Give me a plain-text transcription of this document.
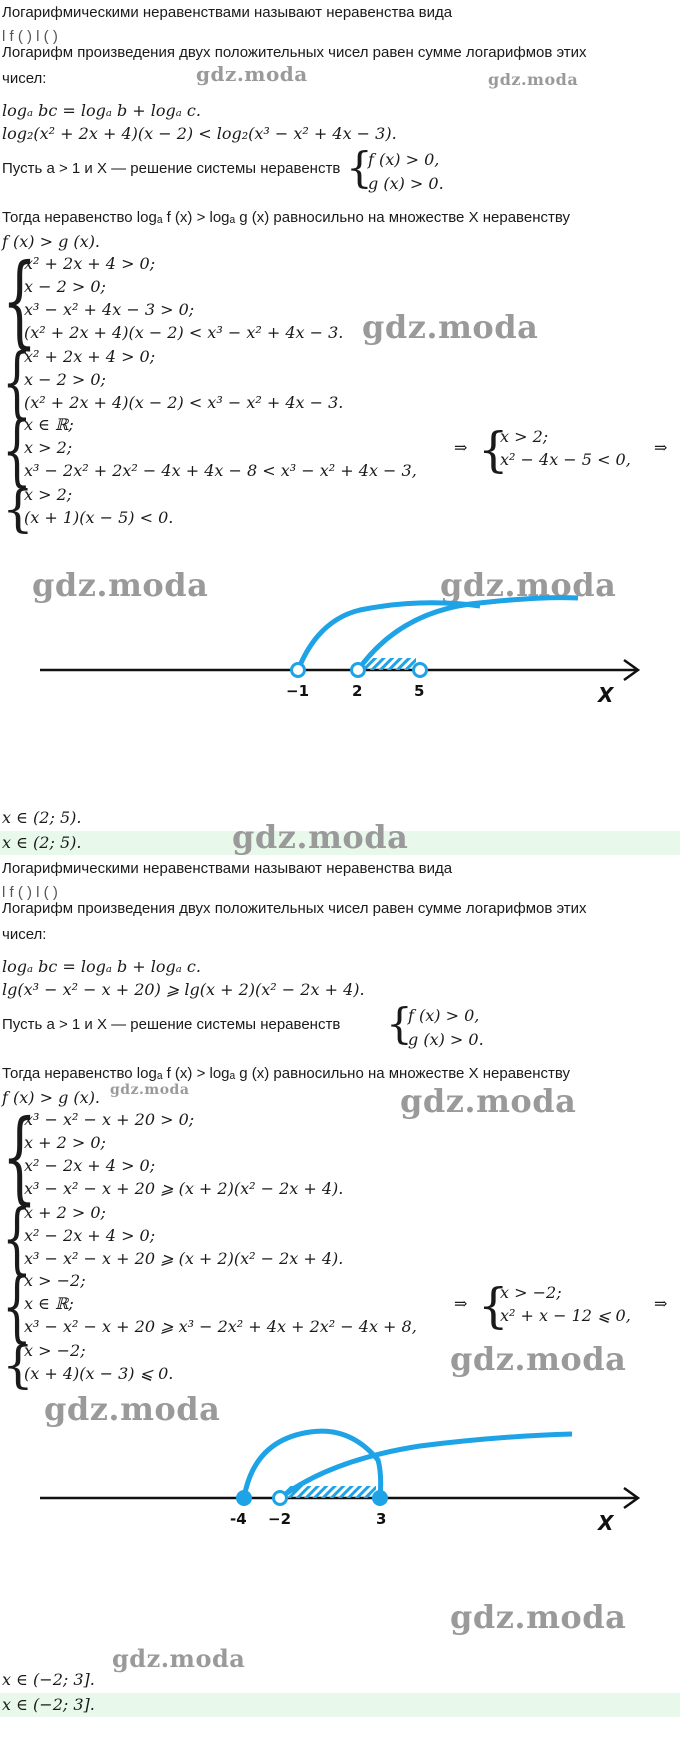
Логарифмическими неравенствами называют неравенства вида
l f ( ) l ( )
Логарифм произведения двух положительных чисел равен сумме логарифмов этих
чисел:	gdz.moda	gdz.moda
logₐ bc = logₐ b + logₐ c.
log₂(x² + 2x + 4)(x − 2) < log₂(x³ − x² + 4x − 3).
Пусть a > 1 и X — решение системы неравенств {
f (x) > 0,
g (x) > 0.
Тогда неравенство logₐ f (x) > logₐ g (x) равносильно на множестве X неравенству
f (x) > g (x).
{
x² + 2x + 4 > 0;
x − 2 > 0;
x³ − x² + 4x − 3 > 0;
(x² + 2x + 4)(x − 2) < x³ − x² + 4x − 3. gdz.moda
{
x² + 2x + 4 > 0;
x − 2 > 0;
(x² + 2x + 4)(x − 2) < x³ − x² + 4x − 3.
{
x ∈ ℝ;
x > 2;
x³ − 2x² + 2x² − 4x + 4x − 8 < x³ − x² + 4x − 3,
⇒ {
x > 2;
x² − 4x − 5 < 0,
⇒
{
x > 2;
(x + 1)(x − 5) < 0.
gdz.moda	gdz.moda
−1	2	5	X
x ∈ (2; 5).
x ∈ (2; 5).	gdz.moda
Логарифмическими неравенствами называют неравенства вида
l f ( ) l ( )
Логарифм произведения двух положительных чисел равен сумме логарифмов этих
чисел:
logₐ bc = logₐ b + logₐ c.
lg(x³ − x² − x + 20) ⩾ lg(x + 2)(x² − 2x + 4).
Пусть a > 1 и X — решение системы неравенств {
f (x) > 0,
g (x) > 0.
Тогда неравенство logₐ f (x) > logₐ g (x) равносильно на множестве X неравенству
f (x) > g (x). gdz.moda	gdz.moda
{
x³ − x² − x + 20 > 0;
x + 2 > 0;
x² − 2x + 4 > 0;
x³ − x² − x + 20 ⩾ (x + 2)(x² − 2x + 4).
{
x + 2 > 0;
x² − 2x + 4 > 0;
x³ − x² − x + 20 ⩾ (x + 2)(x² − 2x + 4).
{
x > −2;
x ∈ ℝ;
x³ − x² − x + 20 ⩾ x³ − 2x² + 4x + 2x² − 4x + 8,
⇒ {
x > −2;
x² + x − 12 ⩽ 0,
⇒
{
x > −2;
(x + 4)(x − 3) ⩽ 0.	gdz.moda
gdz.moda
-4 −2	3	X
gdz.moda
gdz.moda
x ∈ (−2; 3].
x ∈ (−2; 3].
